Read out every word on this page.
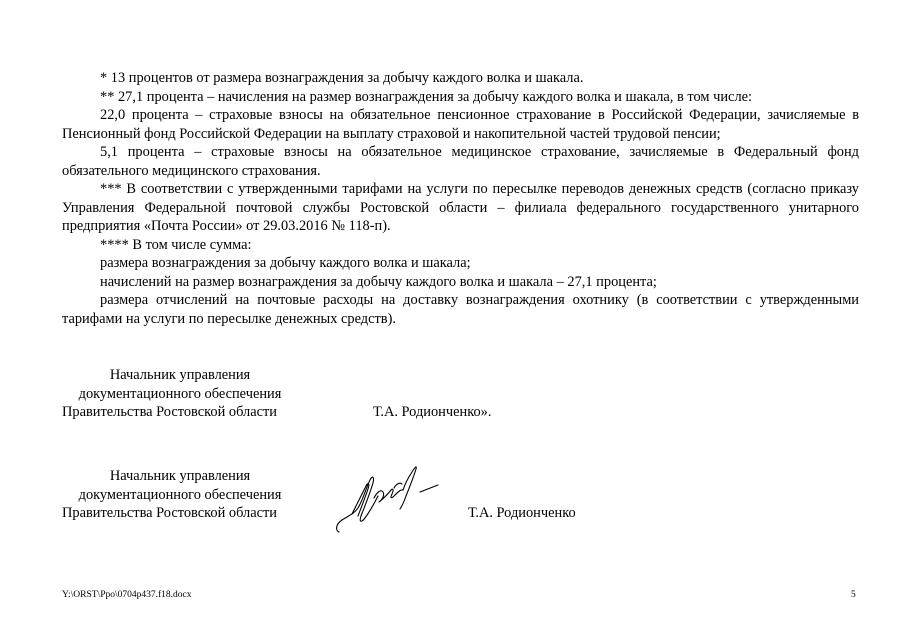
* 13 процентов от размера вознаграждения за добычу каждого волка и шакала.

** 27,1 процента – начисления на размер вознаграждения за добычу каждого волка и шакала, в том числе:

22,0 процента – страховые взносы на обязательное пенсионное страхование в Российской Федерации, зачисляемые в Пенсионный фонд Российской Федерации на выплату страховой и накопительной частей трудовой пенсии;

5,1 процента – страховые взносы на обязательное медицинское страхование, зачисляемые в Федеральный фонд обязательного медицинского страхования.

*** В соответствии с утвержденными тарифами на услуги по пересылке переводов денежных средств (согласно приказу Управления Федеральной почтовой службы Ростовской области – филиала федерального государственного унитарного предприятия «Почта России» от 29.03.2016 № 118-п).

**** В том числе сумма:

размера вознаграждения за добычу каждого волка и шакала;

начислений на размер вознаграждения за добычу каждого волка и шакала – 27,1 процента;

размера отчислений на почтовые расходы на доставку вознаграждения охотнику (в соответствии с утвержденными тарифами на услуги по пересылке денежных средств).

Начальник управления
документационного обеспечения
Правительства Ростовской области	Т.А. Родионченко».
Начальник управления
документационного обеспечения
Правительства Ростовской области	Т.А. Родионченко
Y:\ORST\Ppo\0704p437.f18.docx	5
